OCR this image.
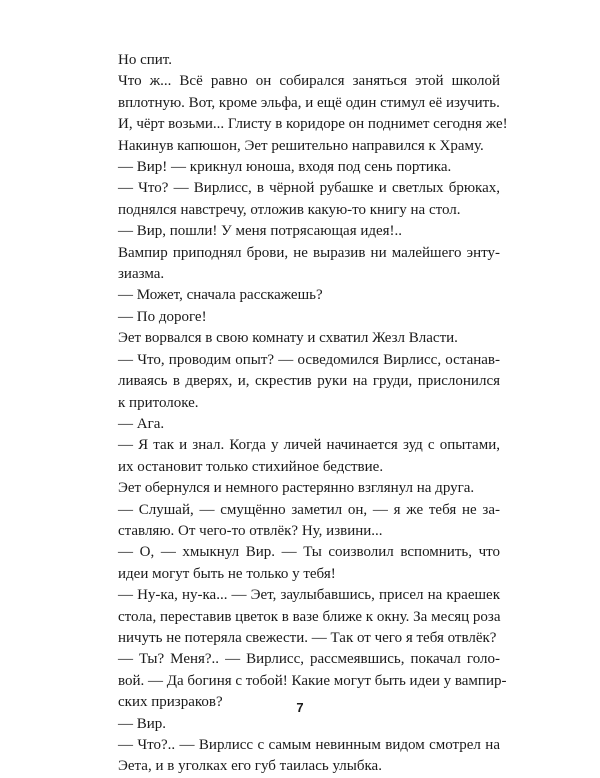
Но спит.

Что ж... Всё равно он собирался заняться этой школой
вплотную. Вот, кроме эльфа, и ещё один стимул её изучить.

И, чёрт возьми... Глисту в коридоре он поднимет сегодня же!

Накинув капюшон, Эет решительно направился к Храму.

— Вир! — крикнул юноша, входя под сень портика.

— Что? — Вирлисс, в чёрной рубашке и светлых брюках,
поднялся навстречу, отложив какую-то книгу на стол.

— Вир, пошли! У меня потрясающая идея!..

Вампир приподнял брови, не выразив ни малейшего энту-
зиазма.

— Может, сначала расскажешь?

— По дороге!

Эет ворвался в свою комнату и схватил Жезл Власти.

— Что, проводим опыт? — осведомился Вирлисс, останав-
ливаясь в дверях, и, скрестив руки на груди, прислонился
к притолоке.

— Ага.

— Я так и знал. Когда у личей начинается зуд с опытами,
их остановит только стихийное бедствие.

Эет обернулся и немного растерянно взглянул на друга.

— Слушай, — смущённо заметил он, — я же тебя не за-
ставляю. От чего-то отвлёк? Ну, извини...

— О, — хмыкнул Вир. — Ты соизволил вспомнить, что
идеи могут быть не только у тебя!

— Ну-ка, ну-ка... — Эет, заулыбавшись, присел на краешек
стола, переставив цветок в вазе ближе к окну. За месяц роза
ничуть не потеряла свежести. — Так от чего я тебя отвлёк?

— Ты? Меня?.. — Вирлисс, рассмеявшись, покачал голо-
вой. — Да богиня с тобой! Какие могут быть идеи у вампир-
ских призраков?

— Вир.

— Что?.. — Вирлисс с самым невинным видом смотрел на
Эета, и в уголках его губ таилась улыбка.

7
